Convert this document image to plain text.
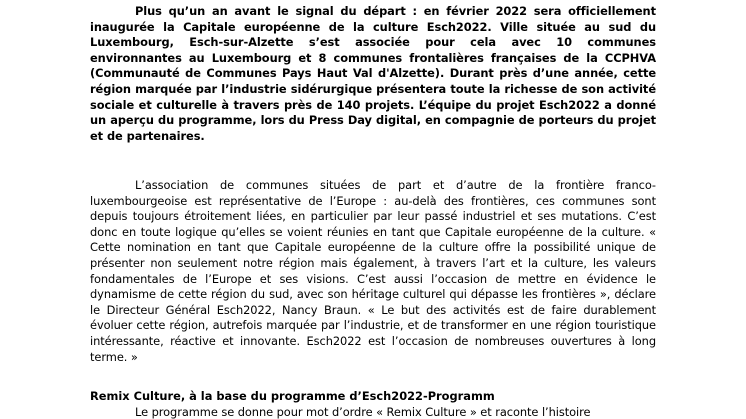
Plus qu’un an avant le signal du départ : en février 2022 sera officiellement inaugurée la Capitale européenne de la culture Esch2022. Ville située au sud du Luxembourg, Esch-sur-Alzette s’est associée pour cela avec 10 communes environnantes au Luxembourg et 8 communes frontalières françaises de la CCPHVA (Communauté de Communes Pays Haut Val d'Alzette). Durant près d’une année, cette région marquée par l’industrie sidérurgique présentera toute la richesse de son activité sociale et culturelle à travers près de 140 projets. L’équipe du projet Esch2022 a donné un aperçu du programme, lors du Press Day digital, en compagnie de porteurs du projet et de partenaires.

L’association de communes situées de part et d’autre de la frontière franco-luxembourgeoise est représentative de l’Europe : au-delà des frontières, ces communes sont depuis toujours étroitement liées, en particulier par leur passé industriel et ses mutations. C’est donc en toute logique qu’elles se voient réunies en tant que Capitale européenne de la culture. « Cette nomination en tant que Capitale européenne de la culture offre la possibilité unique de présenter non seulement notre région mais également, à travers l’art et la culture, les valeurs fondamentales de l’Europe et ses visions. C’est aussi l’occasion de mettre en évidence le dynamisme de cette région du sud, avec son héritage culturel qui dépasse les frontières », déclare le Directeur Général Esch2022, Nancy Braun. « Le but des activités est de faire durablement évoluer cette région, autrefois marquée par l’industrie, et de transformer en une région touristique intéressante, réactive et innovante. Esch2022 est l’occasion de nombreuses ouvertures à long terme. »

Remix Culture, à la base du programme d’Esch2022-Programm

Le programme se donne pour mot d’ordre « Remix Culture » et raconte l’histoire
